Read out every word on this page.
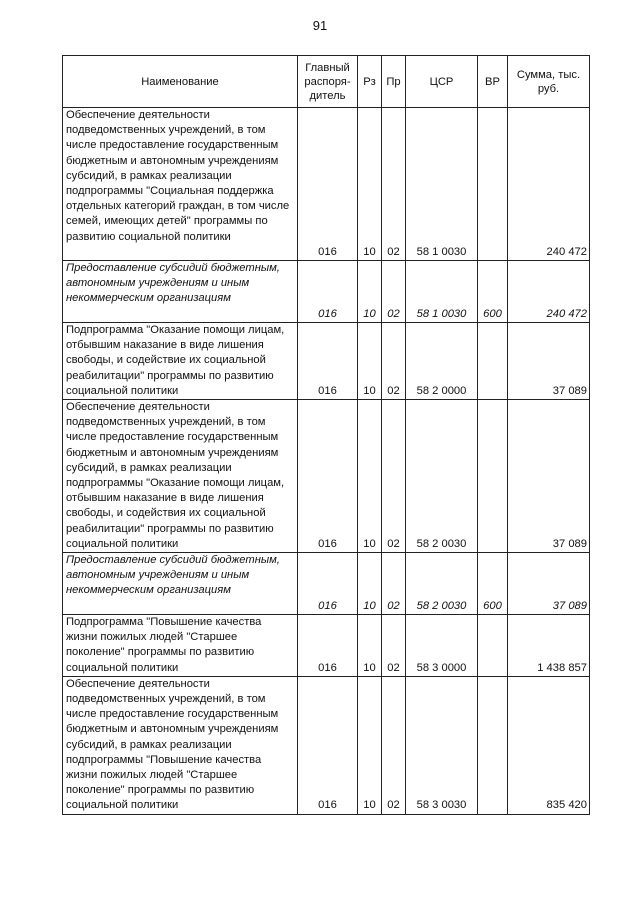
91
Наименование	Главный распоря-дитель	Рз	Пр	ЦСР	ВР	Сумма, тыс. руб.
Обеспечение деятельности подведомственных учреждений, в том числе предоставление государственным бюджетным и автономным учреждениям субсидий, в рамках реализации подпрограммы "Социальная поддержка отдельных категорий граждан, в том числе семей, имеющих детей" программы по развитию социальной политики	016	10	02	58 1 0030		240 472
Предоставление субсидий бюджетным, автономным учреждениям и иным некоммерческим организациям	016	10	02	58 1 0030	600	240 472
Подпрограмма "Оказание помощи лицам, отбывшим наказание в виде лишения свободы, и содействие их социальной реабилитации" программы по развитию социальной политики	016	10	02	58 2 0000		37 089
Обеспечение деятельности подведомственных учреждений, в том числе предоставление государственным бюджетным и автономным учреждениям субсидий, в рамках реализации подпрограммы "Оказание помощи лицам, отбывшим наказание в виде лишения свободы, и содействия их социальной реабилитации" программы по развитию социальной политики	016	10	02	58 2 0030		37 089
Предоставление субсидий бюджетным, автономным учреждениям и иным некоммерческим организациям	016	10	02	58 2 0030	600	37 089
Подпрограмма "Повышение качества жизни пожилых людей "Старшее поколение" программы по развитию социальной политики	016	10	02	58 3 0000		1 438 857
Обеспечение деятельности подведомственных учреждений, в том числе предоставление государственным бюджетным и автономным учреждениям субсидий, в рамках реализации подпрограммы "Повышение качества жизни пожилых людей "Старшее поколение" программы по развитию социальной политики	016	10	02	58 3 0030		835 420
